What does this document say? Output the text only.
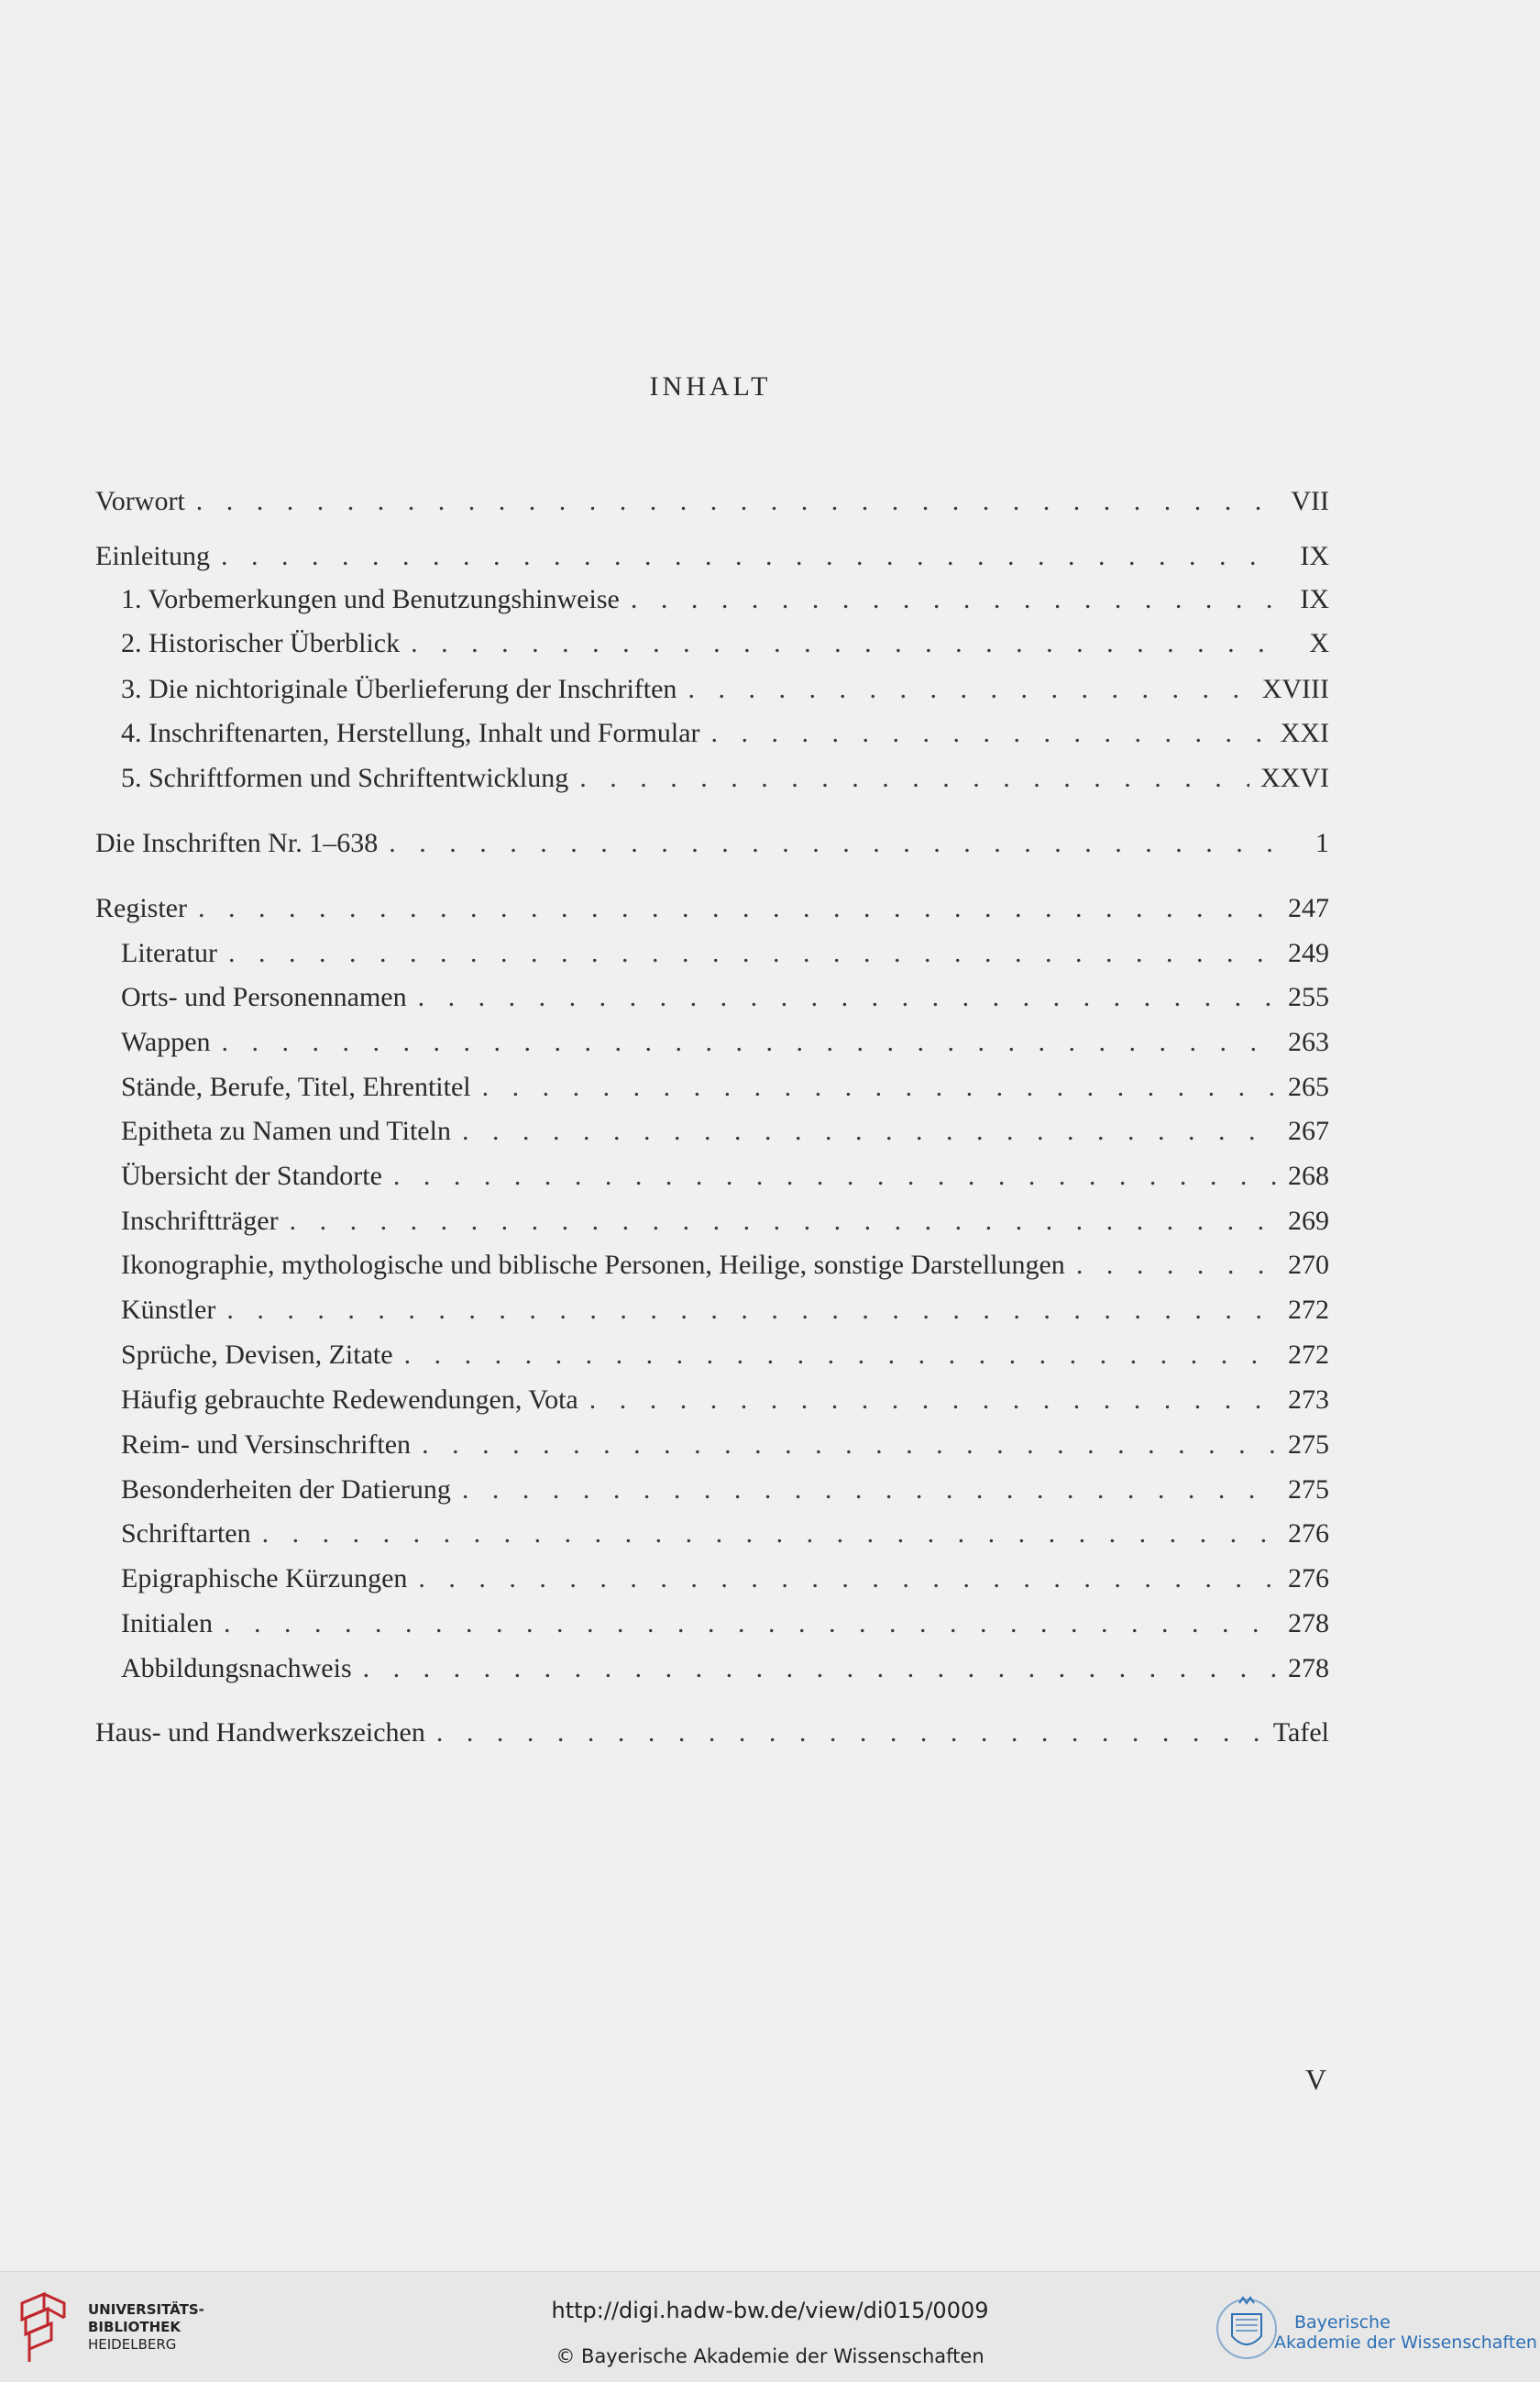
INHALT
Vorwort . . .	VII
Einleitung . . .	IX
1. Vorbemerkungen und Benutzungshinweise . . .	IX
2. Historischer Überblick . . .	X
3. Die nichtoriginale Überlieferung der Inschriften . . .	XVIII
4. Inschriftenarten, Herstellung, Inhalt und Formular . . .	XXI
5. Schriftformen und Schriftentwicklung . . .	XXVI
Die Inschriften Nr. 1–638 . . .	1
Register . . .	247
Literatur . . .	249
Orts- und Personennamen . . .	255
Wappen . . .	263
Stände, Berufe, Titel, Ehrentitel . . .	265
Epitheta zu Namen und Titeln . . .	267
Übersicht der Standorte . . .	268
Inschriftträger . . .	269
Ikonographie, mythologische und biblische Personen, Heilige, sonstige Darstellungen . . .	270
Künstler . . .	272
Sprüche, Devisen, Zitate . . .	272
Häufig gebrauchte Redewendungen, Vota . . .	273
Reim- und Versinschriften . . .	275
Besonderheiten der Datierung . . .	275
Schriftarten . . .	276
Epigraphische Kürzungen . . .	276
Initialen . . .	278
Abbildungsnachweis . . .	278
Haus- und Handwerkszeichen . . .	Tafel
V
UNIVERSITÄTS-
BIBLIOTHEK
HEIDELBERG
http://digi.hadw-bw.de/view/di015/0009
© Bayerische Akademie der Wissenschaften
Bayerische
Akademie der Wissenschaften
